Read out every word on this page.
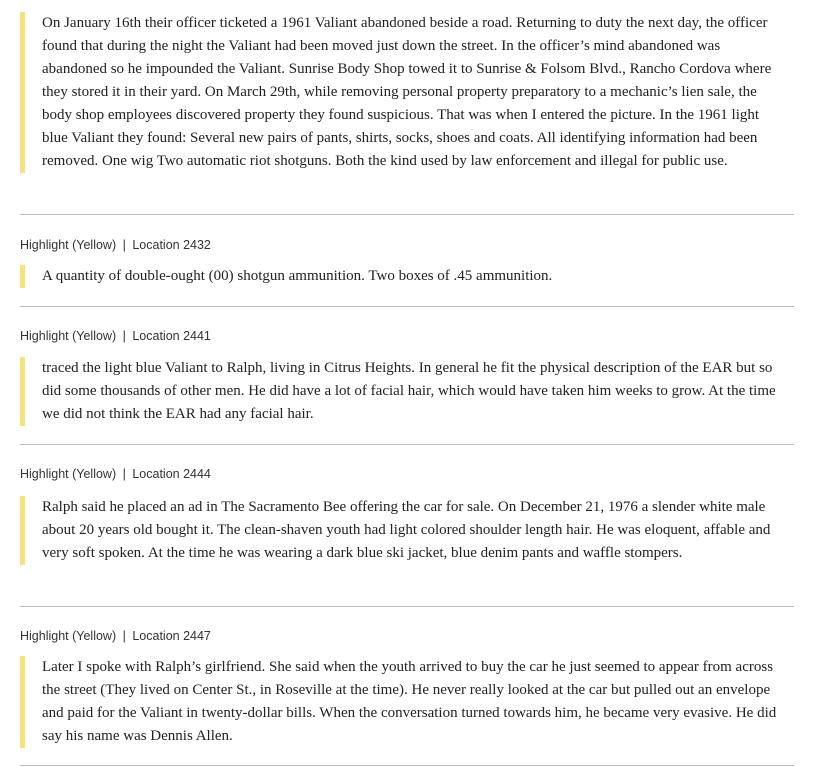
On January 16th their officer ticketed a 1961 Valiant abandoned beside a road. Returning to duty the next day, the officer found that during the night the Valiant had been moved just down the street. In the officer’s mind abandoned was abandoned so he impounded the Valiant. Sunrise Body Shop towed it to Sunrise & Folsom Blvd., Rancho Cordova where they stored it in their yard. On March 29th, while removing personal property preparatory to a mechanic’s lien sale, the body shop employees discovered property they found suspicious. That was when I entered the picture. In the 1961 light blue Valiant they found: Several new pairs of pants, shirts, socks, shoes and coats. All identifying information had been removed. One wig Two automatic riot shotguns. Both the kind used by law enforcement and illegal for public use.
Highlight (Yellow) | Location 2432
A quantity of double-ought (00) shotgun ammunition. Two boxes of .45 ammunition.
Highlight (Yellow) | Location 2441
traced the light blue Valiant to Ralph, living in Citrus Heights. In general he fit the physical description of the EAR but so did some thousands of other men. He did have a lot of facial hair, which would have taken him weeks to grow. At the time we did not think the EAR had any facial hair.
Highlight (Yellow) | Location 2444
Ralph said he placed an ad in The Sacramento Bee offering the car for sale. On December 21, 1976 a slender white male about 20 years old bought it. The clean-shaven youth had light colored shoulder length hair. He was eloquent, affable and very soft spoken. At the time he was wearing a dark blue ski jacket, blue denim pants and waffle stompers.
Highlight (Yellow) | Location 2447
Later I spoke with Ralph’s girlfriend. She said when the youth arrived to buy the car he just seemed to appear from across the street (They lived on Center St., in Roseville at the time). He never really looked at the car but pulled out an envelope and paid for the Valiant in twenty-dollar bills. When the conversation turned towards him, he became very evasive. He did say his name was Dennis Allen.
